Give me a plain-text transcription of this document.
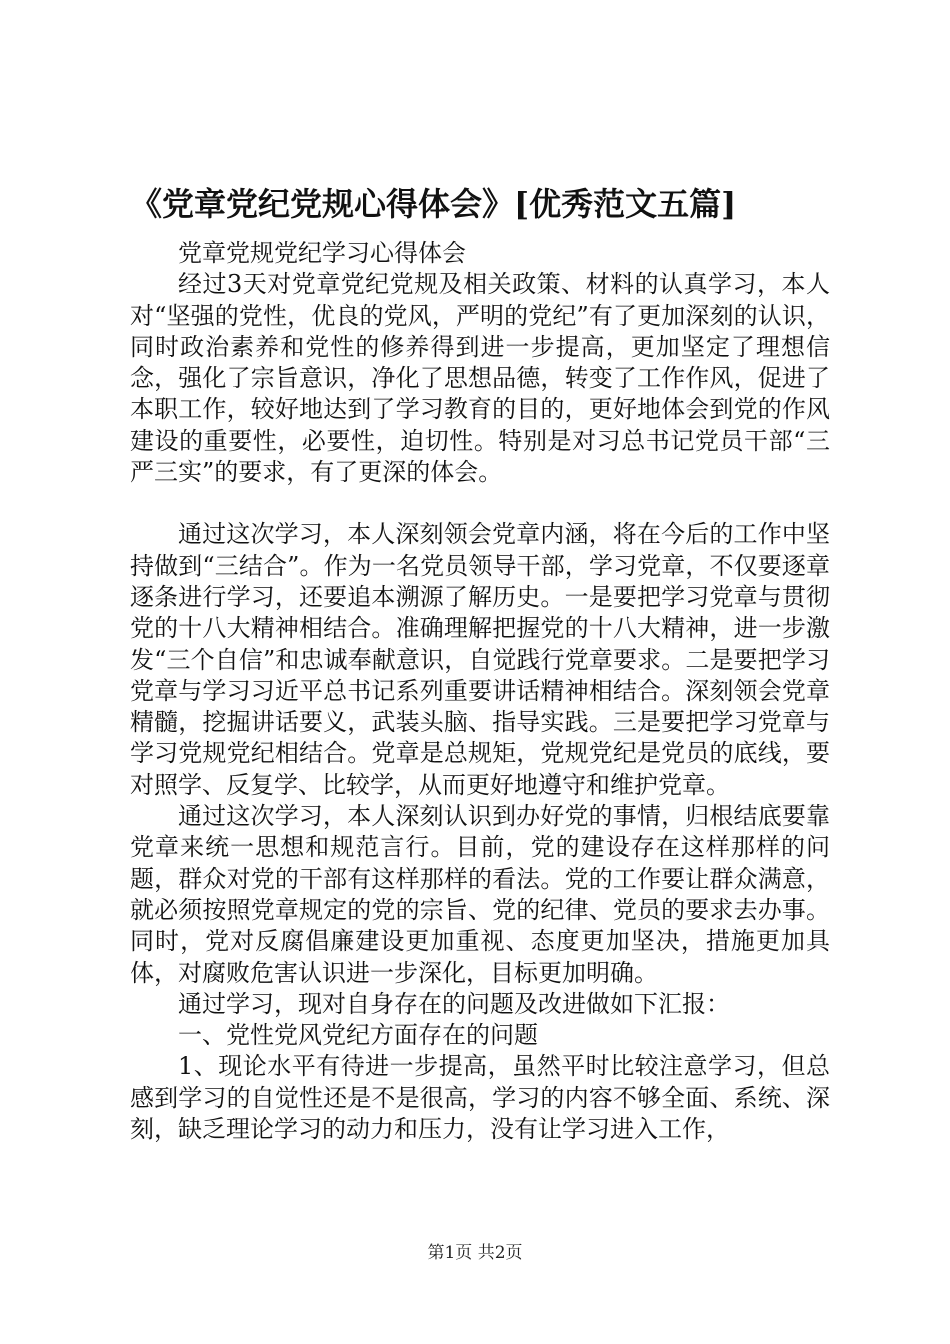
《党章党纪党规心得体会》[优秀范文五篇]

党章党规党纪学习心得体会

经过3天对党章党纪党规及相关政策、材料的认真学习，本人对“坚强的党性，优良的党风，严明的党纪”有了更加深刻的认识，同时政治素养和党性的修养得到进一步提高，更加坚定了理想信念，强化了宗旨意识，净化了思想品德，转变了工作作风，促进了本职工作，较好地达到了学习教育的目的，更好地体会到党的作风建设的重要性，必要性，迫切性。特别是对习总书记党员干部“三严三实”的要求，有了更深的体会。

通过这次学习，本人深刻领会党章内涵，将在今后的工作中坚持做到“三结合”。作为一名党员领导干部，学习党章，不仅要逐章逐条进行学习，还要追本溯源了解历史。一是要把学习党章与贯彻党的十八大精神相结合。准确理解把握党的十八大精神，进一步激发“三个自信”和忠诚奉献意识，自觉践行党章要求。二是要把学习党章与学习习近平总书记系列重要讲话精神相结合。深刻领会党章精髓，挖掘讲话要义，武装头脑、指导实践。三是要把学习党章与学习党规党纪相结合。党章是总规矩，党规党纪是党员的底线，要对照学、反复学、比较学，从而更好地遵守和维护党章。

通过这次学习，本人深刻认识到办好党的事情，归根结底要靠党章来统一思想和规范言行。目前，党的建设存在这样那样的问题，群众对党的干部有这样那样的看法。党的工作要让群众满意，就必须按照党章规定的党的宗旨、党的纪律、党员的要求去办事。同时，党对反腐倡廉建设更加重视、态度更加坚决，措施更加具体，对腐败危害认识进一步深化，目标更加明确。

通过学习，现对自身存在的问题及改进做如下汇报：

一、党性党风党纪方面存在的问题

1、现论水平有待进一步提高，虽然平时比较注意学习，但总感到学习的自觉性还是不是很高，学习的内容不够全面、系统、深刻，缺乏理论学习的动力和压力，没有让学习进入工作，

第1页 共2页
